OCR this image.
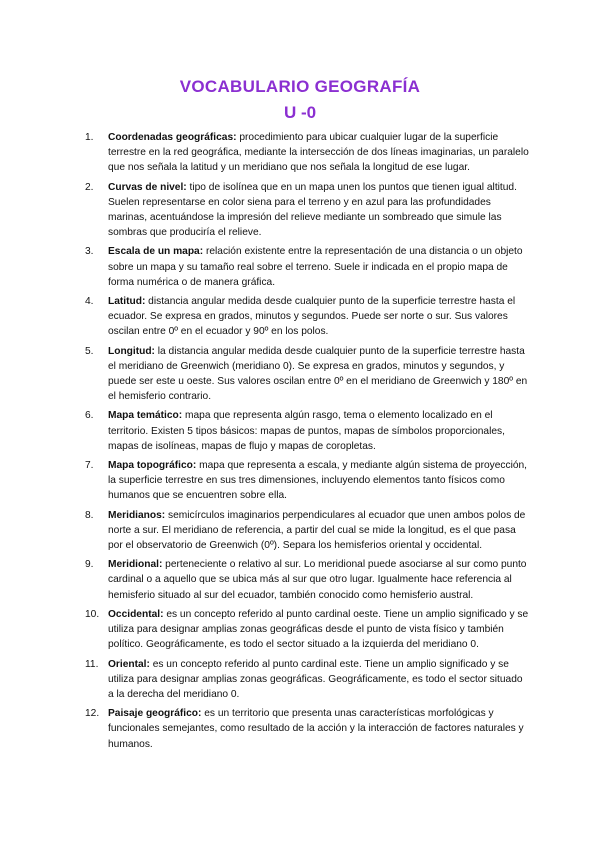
VOCABULARIO GEOGRAFÍA
U -0
1.	Coordenadas geográficas: procedimiento para ubicar cualquier lugar de la superficie terrestre en la red geográfica, mediante la intersección de dos líneas imaginarias, un paralelo que nos señala la latitud y un meridiano que nos señala la longitud de ese lugar.
2.	Curvas de nivel: tipo de isolínea que en un mapa unen los puntos que tienen igual altitud. Suelen representarse en color siena para el terreno y en azul para las profundidades marinas, acentuándose la impresión del relieve mediante un sombreado que simule las sombras que produciría el relieve.
3.	Escala de un mapa: relación existente entre la representación de una distancia o un objeto sobre un mapa y su tamaño real sobre el terreno. Suele ir indicada en el propio mapa de forma numérica o de manera gráfica.
4.	Latitud: distancia angular medida desde cualquier punto de la superficie terrestre hasta el ecuador. Se expresa en grados, minutos y segundos. Puede ser norte o sur. Sus valores oscilan entre 0º en el ecuador y 90º en los polos.
5.	Longitud: la distancia angular medida desde cualquier punto de la superficie terrestre hasta el meridiano de Greenwich (meridiano 0). Se expresa en grados, minutos y segundos, y puede ser este u oeste. Sus valores oscilan entre 0º en el meridiano de Greenwich y 180º en el hemisferio contrario.
6.	Mapa temático: mapa que representa algún rasgo, tema o elemento localizado en el territorio. Existen 5 tipos básicos: mapas de puntos, mapas de símbolos proporcionales, mapas de isolíneas, mapas de flujo y mapas de coropletas.
7.	Mapa topográfico: mapa que representa a escala, y mediante algún sistema de proyección, la superficie terrestre en sus tres dimensiones, incluyendo elementos tanto físicos como humanos que se encuentren sobre ella.
8.	Meridianos: semicírculos imaginarios perpendiculares al ecuador que unen ambos polos de norte a sur. El meridiano de referencia, a partir del cual se mide la longitud, es el que pasa por el observatorio de Greenwich (0º). Separa los hemisferios oriental y occidental.
9.	Meridional: perteneciente o relativo al sur. Lo meridional puede asociarse al sur como punto cardinal o a aquello que se ubica más al sur que otro lugar. Igualmente hace referencia al hemisferio situado al sur del ecuador, también conocido como hemisferio austral.
10. Occidental: es un concepto referido al punto cardinal oeste. Tiene un amplio significado y se utiliza para designar amplias zonas geográficas desde el punto de vista físico y también político. Geográficamente, es todo el sector situado a la izquierda del meridiano 0.
11. Oriental: es un concepto referido al punto cardinal este. Tiene un amplio significado y se utiliza para designar amplias zonas geográficas. Geográficamente, es todo el sector situado a la derecha del meridiano 0.
12. Paisaje geográfico: es un territorio que presenta unas características morfológicas y funcionales semejantes, como resultado de la acción y la interacción de factores naturales y humanos.
